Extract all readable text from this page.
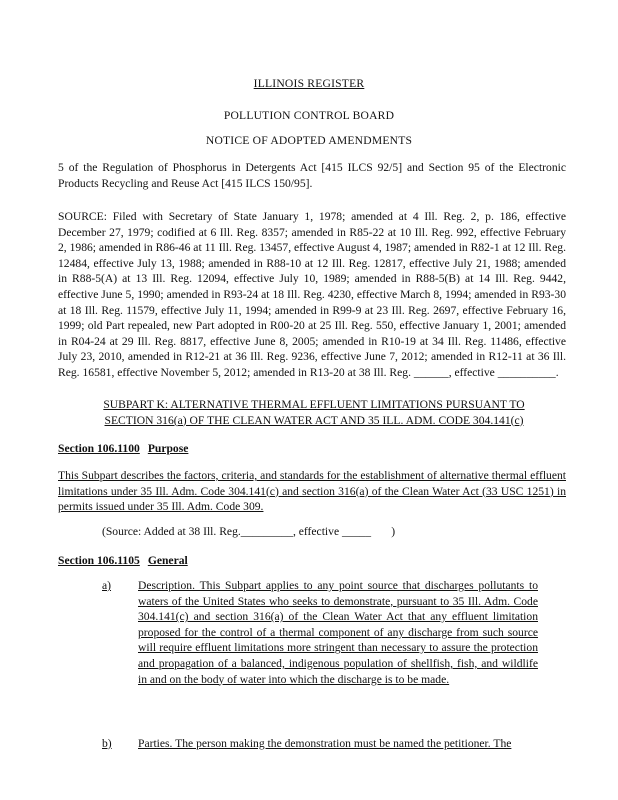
ILLINOIS REGISTER
POLLUTION CONTROL BOARD
NOTICE OF ADOPTED AMENDMENTS

5 of the Regulation of Phosphorus in Detergents Act [415 ILCS 92/5] and Section 95 of the Electronic Products Recycling and Reuse Act [415 ILCS 150/95].

SOURCE: Filed with Secretary of State January 1, 1978; amended at 4 Ill. Reg. 2, p. 186, effective December 27, 1979; codified at 6 Ill. Reg. 8357; amended in R85-22 at 10 Ill. Reg. 992, effective February 2, 1986; amended in R86-46 at 11 Ill. Reg. 13457, effective August 4, 1987; amended in R82-1 at 12 Ill. Reg. 12484, effective July 13, 1988; amended in R88-10 at 12 Ill. Reg. 12817, effective July 21, 1988; amended in R88-5(A) at 13 Ill. Reg. 12094, effective July 10, 1989; amended in R88-5(B) at 14 Ill. Reg. 9442, effective June 5, 1990; amended in R93-24 at 18 Ill. Reg. 4230, effective March 8, 1994; amended in R93-30 at 18 Ill. Reg. 11579, effective July 11, 1994; amended in R99-9 at 23 Ill. Reg. 2697, effective February 16, 1999; old Part repealed, new Part adopted in R00-20 at 25 Ill. Reg. 550, effective January 1, 2001; amended in R04-24 at 29 Ill. Reg. 8817, effective June 8, 2005; amended in R10-19 at 34 Ill. Reg. 11486, effective July 23, 2010, amended in R12-21 at 36 Ill. Reg. 9236, effective June 7, 2012; amended in R12-11 at 36 Ill. Reg. 16581, effective November 5, 2012; amended in R13-20 at 38 Ill. Reg. ______, effective __________.

SUBPART K: ALTERNATIVE THERMAL EFFLUENT LIMITATIONS PURSUANT TO SECTION 316(a) OF THE CLEAN WATER ACT AND 35 ILL. ADM. CODE 304.141(c)

Section 106.1100 Purpose

This Subpart describes the factors, criteria, and standards for the establishment of alternative thermal effluent limitations under 35 Ill. Adm. Code 304.141(c) and section 316(a) of the Clean Water Act (33 USC 1251) in permits issued under 35 Ill. Adm. Code 309.

(Source: Added at 38 Ill. Reg._________, effective _____ )
Section 106.1105 General
a) Description. This Subpart applies to any point source that discharges pollutants to waters of the United States who seeks to demonstrate, pursuant to 35 Ill. Adm. Code 304.141(c) and section 316(a) of the Clean Water Act that any effluent limitation proposed for the control of a thermal component of any discharge from such source will require effluent limitations more stringent than necessary to assure the protection and propagation of a balanced, indigenous population of shellfish, fish, and wildlife in and on the body of water into which the discharge is to be made.

b) Parties. The person making the demonstration must be named the petitioner. The
